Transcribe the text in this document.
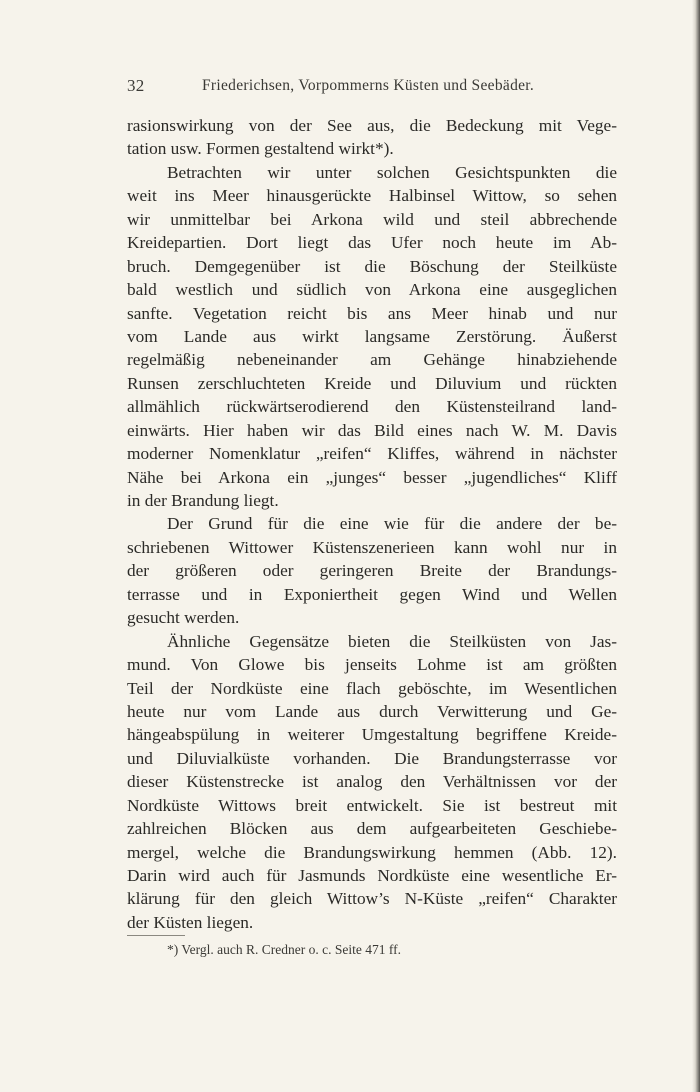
32	Friederichsen, Vorpommerns Küsten und Seebäder.
rasionswirkung von der See aus, die Bedeckung mit Vege-
tation usw. Formen gestaltend wirkt*).
Betrachten wir unter solchen Gesichtspunkten die
weit ins Meer hinausgerückte Halbinsel Wittow, so sehen
wir unmittelbar bei Arkona wild und steil abbrechende
Kreidepartien. Dort liegt das Ufer noch heute im Ab-
bruch. Demgegenüber ist die Böschung der Steilküste
bald westlich und südlich von Arkona eine ausgeglichen
sanfte. Vegetation reicht bis ans Meer hinab und nur
vom Lande aus wirkt langsame Zerstörung. Äußerst
regelmäßig nebeneinander am Gehänge hinabziehende
Runsen zerschluchteten Kreide und Diluvium und rückten
allmählich rückwärtserodierend den Küstensteilrand land-
einwärts. Hier haben wir das Bild eines nach W. M. Davis
moderner Nomenklatur „reifen“ Kliffes, während in nächster
Nähe bei Arkona ein „junges“ besser „jugendliches“ Kliff
in der Brandung liegt.
Der Grund für die eine wie für die andere der be-
schriebenen Wittower Küstenszenerieen kann wohl nur in
der größeren oder geringeren Breite der Brandungs-
terrasse und in Exponiertheit gegen Wind und Wellen
gesucht werden.
Ähnliche Gegensätze bieten die Steilküsten von Jas-
mund. Von Glowe bis jenseits Lohme ist am größten
Teil der Nordküste eine flach geböschte, im Wesentlichen
heute nur vom Lande aus durch Verwitterung und Ge-
hängeabspülung in weiterer Umgestaltung begriffene Kreide-
und Diluvialküste vorhanden. Die Brandungsterrasse vor
dieser Küstenstrecke ist analog den Verhältnissen vor der
Nordküste Wittows breit entwickelt. Sie ist bestreut mit
zahlreichen Blöcken aus dem aufgearbeiteten Geschiebe-
mergel, welche die Brandungswirkung hemmen (Abb. 12).
Darin wird auch für Jasmunds Nordküste eine wesentliche Er-
klärung für den gleich Wittow’s N-Küste „reifen“ Charakter
der Küsten liegen.
*) Vergl. auch R. Credner o. c. Seite 471 ff.
